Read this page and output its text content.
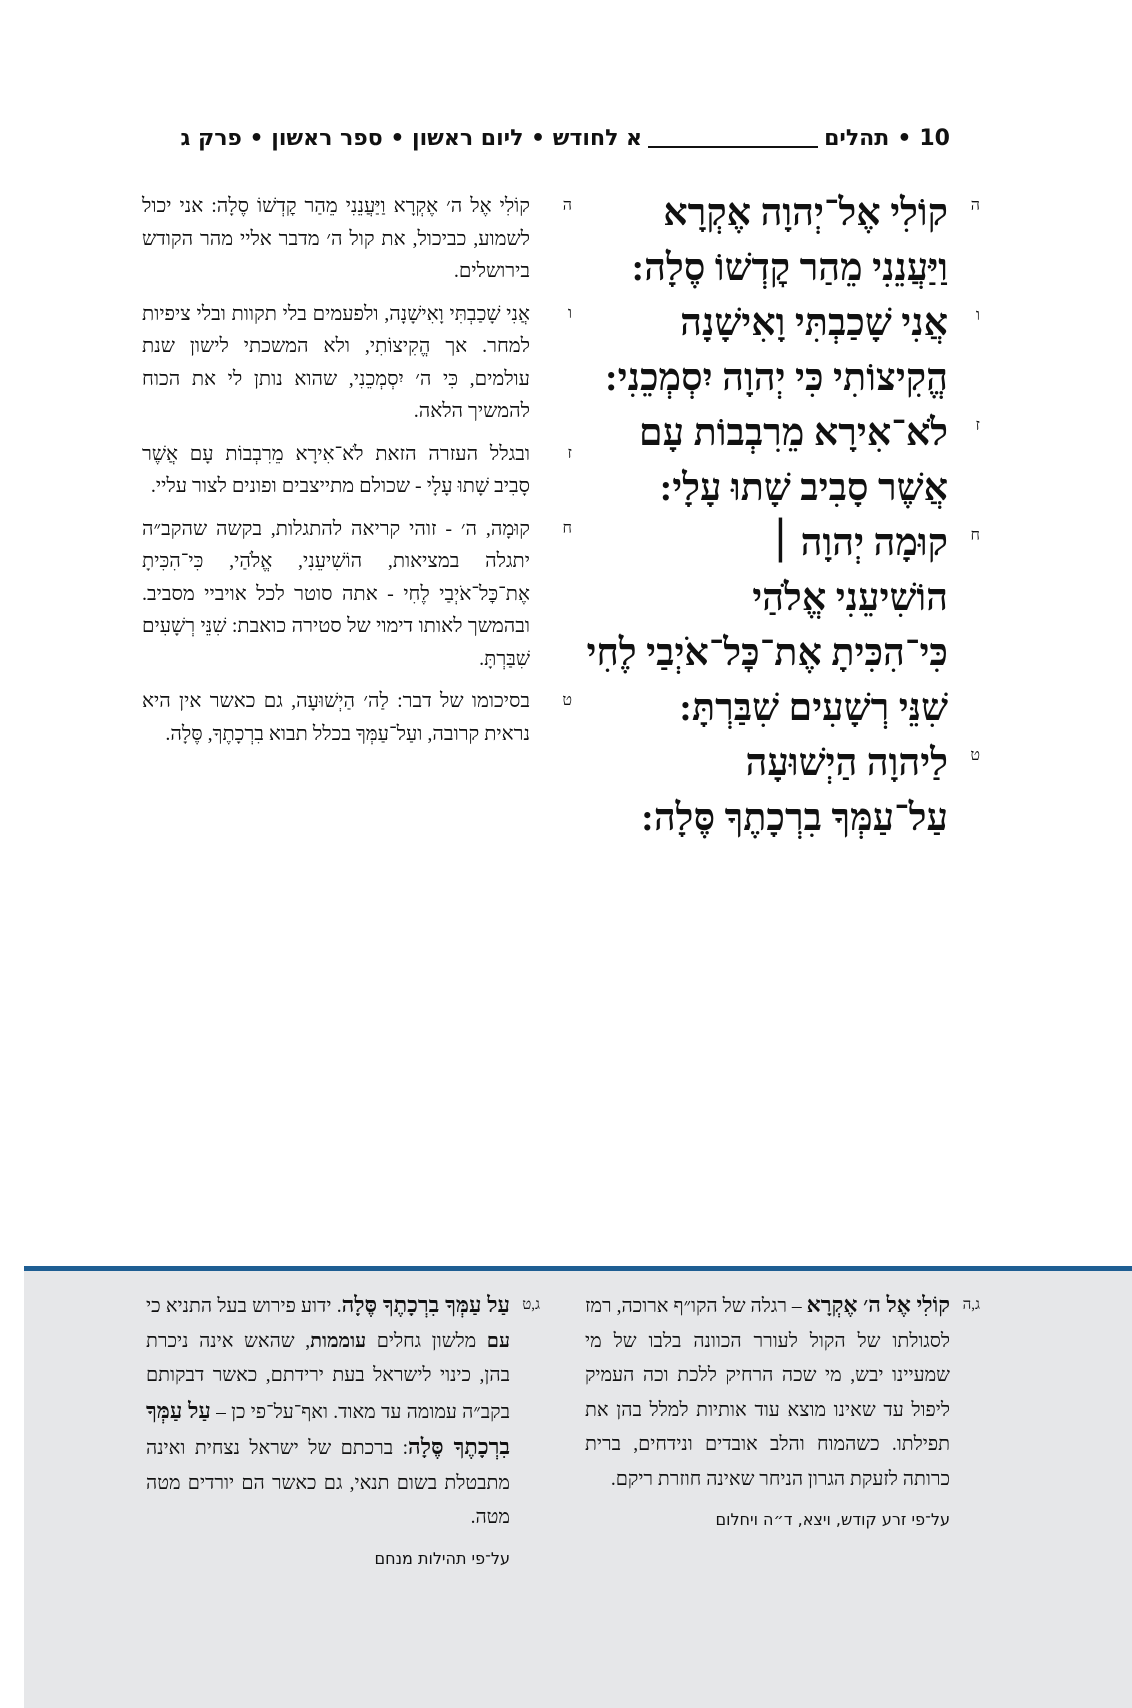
10
•
תהלים
א לחודש • ליום ראשון • ספר ראשון • פרק ג
ה
קוֹלִי אֶל־יְהוָה אֶקְרָא
וַיַּעֲנֵנִי מֵהַר קׇדְשׁוֹ סֶלָה:
ו
אֲנִי שָׁכַבְתִּי וָאִישָׁנָה
הֱקִיצוֹתִי כִּי יְהוָה יִסְמְכֵנִי:
ז
לֹא־אִירָא מֵרִבְבוֹת עָם
אֲשֶׁר סָבִיב שָׁתוּ עָלָי:
ח
קוּמָה יְהוָה ׀
הוֹשִׁיעֵנִי אֱלֹהַי
כִּי־הִכִּיתָ אֶת־כׇּל־אֹיְבַי לֶחִי
שִׁנֵּי רְשָׁעִים שִׁבַּרְתָּ:
ט
לַיהוָה הַיְשׁוּעָה
עַל־עַמְּךָ בִרְכָתֶךָ סֶּלָה:
ה
קוֹלִי אֶל ה׳ אֶקְרָא וַיַּעֲנֵנִי מֵהַר קׇדְשׁוֹ סֶלָה: אני יכול לשמוע, כביכול, את קול ה׳ מדבר אליי מהר הקודש בירושלים.
ו
אֲנִי שָׁכַבְתִּי וָאִישָׁנָה, ולפעמים בלי תקוות ובלי ציפיות למחר. אך הֱקִיצוֹתִי, ולא המשכתי לישון שנת עולמים, כִּי ה׳ יִסְמְכֵנִי, שהוא נותן לי את הכוח להמשיך הלאה.
ז
ובגלל העזרה הזאת לֹא־אִירָא מֵרִבְבוֹת עָם אֲשֶׁר סָבִיב שָׁתוּ עָלָי - שכולם מתייצבים ופונים לצור עליי.
ח
קוּמָה, ה׳ - זוהי קריאה להתגלות, בקשה שהקב״ה יתגלה במציאות, הוֹשִׁיעֵנִי, אֱלֹהַי, כִּי־הִכִּיתָ אֶת־כׇּל־אֹיְבַי לֶחִי - אתה סוטר לכל אויביי מסביב. ובהמשך לאותו דימוי של סטירה כואבת: שִׁנֵּי רְשָׁעִים שִׁבַּרְתָּ.
ט
בסיכומו של דבר: לַה׳ הַיְשׁוּעָה, גם כאשר אין היא נראית קרובה, ועַל־עַמְּךָ בכלל תבוא בִרְכָתֶךָ, סֶּלָה.
ג,ה
קוֹלִי אֶל ה׳ אֶקְרָא – רגלה של הקו״ף ארוכה, רמז לסגולתו של הקול לעורר הכוונה בלבו של מי שמעיינו יבש, מי שכה הרחיק ללכת וכה העמיק ליפול עד שאינו מוצא עוד אותיות למלל בהן את תפילתו. כשהמוח והלב אובדים ונידחים, ברית כרותה לזעקת הגרון הניחר שאינה חוזרת ריקם.
על־פי זרע קודש, ויצא, ד״ה ויחלום
ג,ט
עַל עַמְּךָ בִרְכָתֶךָ סֶּלָה. ידוע פירוש בעל התניא כי עם מלשון גחלים עוממות, שהאש אינה ניכרת בהן, כינוי לישראל בעת ירידתם, כאשר דבקותם בקב״ה עמומה עד מאוד. ואף־על־פי כן – עַל עַמְּךָ בִרְכָתֶךָ סֶּלָה: ברכתם של ישראל נצחית ואינה מתבטלת בשום תנאי, גם כאשר הם יורדים מטה מטה.
על־פי תהילות מנחם
